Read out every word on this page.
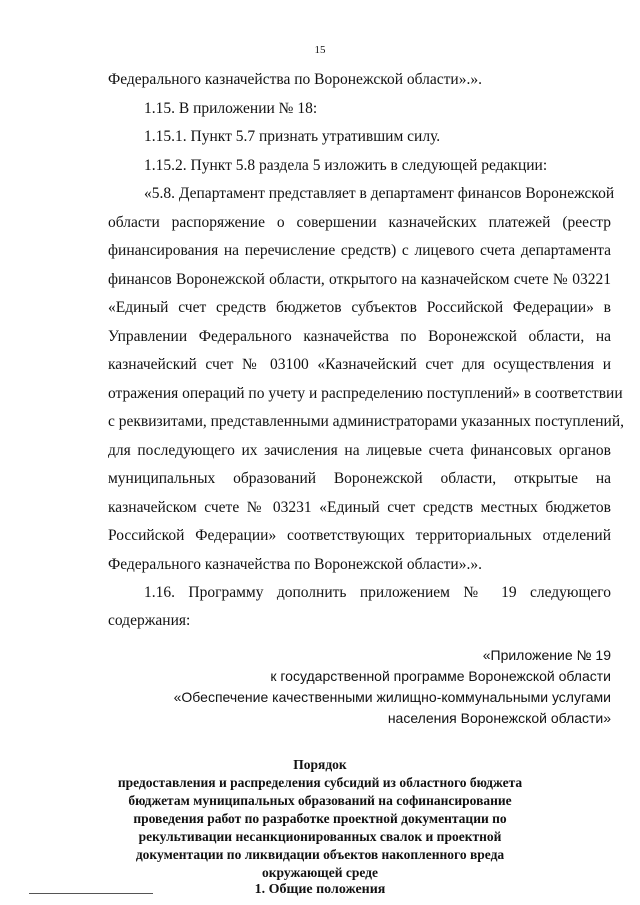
15
Федерального казначейства по Воронежской области».».
1.15. В приложении № 18:
1.15.1. Пункт 5.7 признать утратившим силу.
1.15.2. Пункт 5.8 раздела 5 изложить в следующей редакции:
«5.8. Департамент представляет в департамент финансов Воронежской
области распоряжение о совершении казначейских платежей (реестр
финансирования на перечисление средств) с лицевого счета департамента
финансов Воронежской области, открытого на казначейском счете № 03221
«Единый счет средств бюджетов субъектов Российской Федерации» в
Управлении Федерального казначейства по Воронежской области, на
казначейский счет № 03100 «Казначейский счет для осуществления и
отражения операций по учету и распределению поступлений» в соответствии
с реквизитами, представленными администраторами указанных поступлений,
для последующего их зачисления на лицевые счета финансовых органов
муниципальных образований Воронежской области, открытые на
казначейском счете № 03231 «Единый счет средств местных бюджетов
Российской Федерации» соответствующих территориальных отделений
Федерального казначейства по Воронежской области».».
1.16. Программу дополнить приложением № 19 следующего
содержания:
«Приложение № 19
к государственной программе Воронежской области
«Обеспечение качественными жилищно-коммунальными услугами
населения Воронежской области»
Порядок
предоставления и распределения субсидий из областного бюджета
бюджетам муниципальных образований на софинансирование
проведения работ по разработке проектной документации по
рекультивации несанкционированных свалок и проектной
документации по ликвидации объектов накопленного вреда
окружающей среде
1. Общие положения
